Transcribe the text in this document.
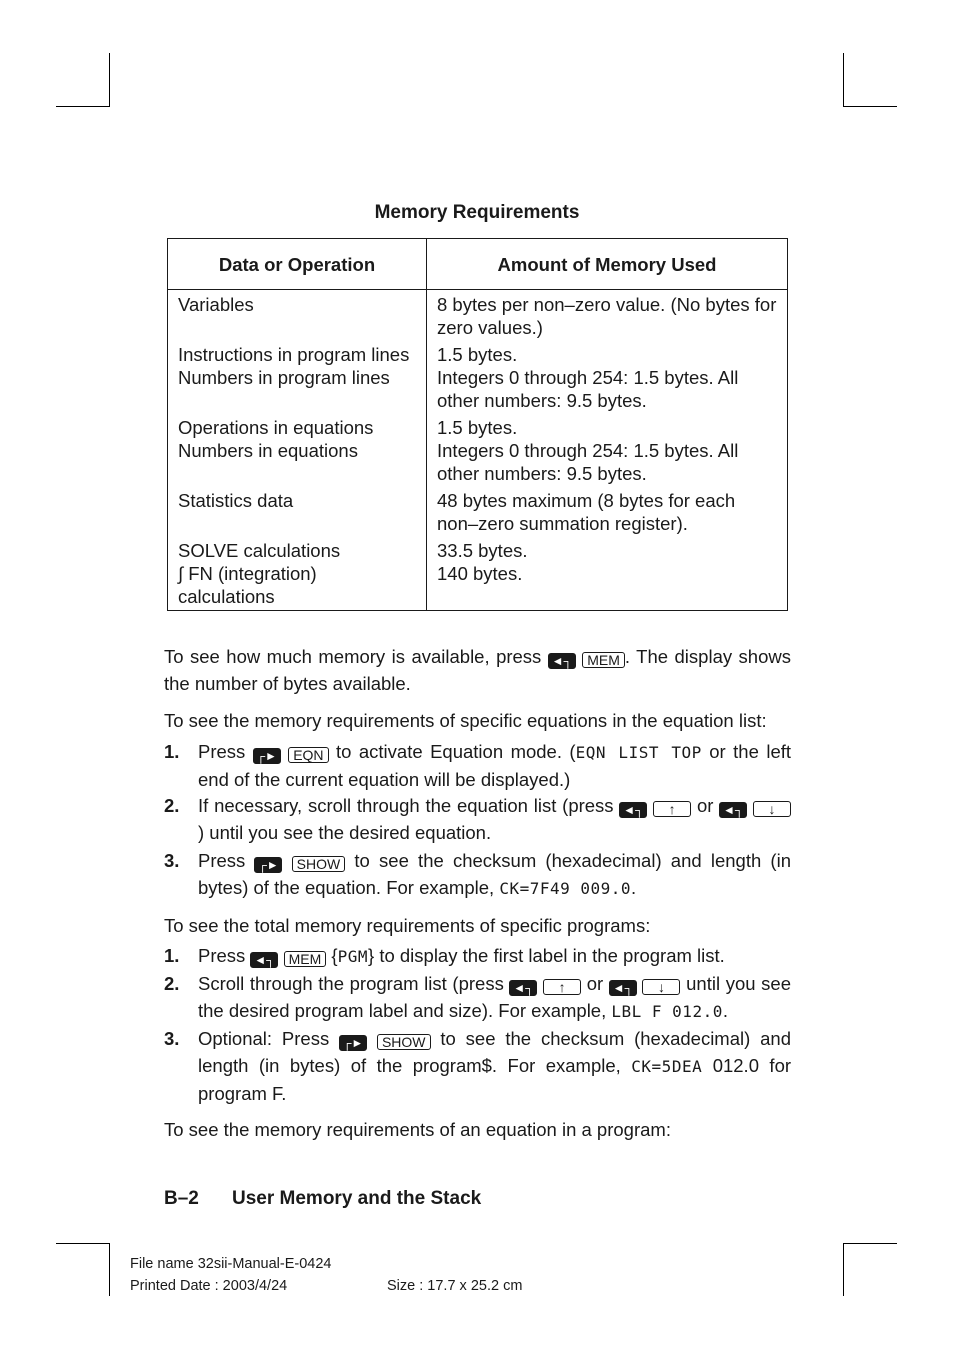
Memory Requirements
Data or Operation	Amount of Memory Used
Variables	8 bytes per non–zero value. (No bytes for zero values.)
Instructions in program lines	1.5 bytes.
Numbers in program lines	Integers 0 through 254: 1.5 bytes. All other numbers: 9.5 bytes.
Operations in equations	1.5 bytes.
Numbers in equations	Integers 0 through 254: 1.5 bytes. All other numbers: 9.5 bytes.
Statistics data	48 bytes maximum (8 bytes for each non–zero summation register).
SOLVE calculations	33.5 bytes.
∫ FN (integration) calculations	140 bytes.
To see how much memory is available, press ◄┐ MEM . The display shows the number of bytes available.
To see the memory requirements of specific equations in the equation list:
1. Press ┌► EQN to activate Equation mode. (EQN LIST TOP or the left end of the current equation will be displayed.)
2. If necessary, scroll through the equation list (press ◄┐ ↑ or ◄┐ ↓ ) until you see the desired equation.
3. Press ┌► SHOW to see the checksum (hexadecimal) and length (in bytes) of the equation. For example, CK=7F49 009.0.
To see the total memory requirements of specific programs:
1. Press ◄┐ MEM {PGM} to display the first label in the program list.
2. Scroll through the program list (press ◄┐ ↑ or ◄┐ ↓ until you see the desired program label and size). For example, LBL F 012.0.
3. Optional: Press ┌► SHOW to see the checksum (hexadecimal) and length (in bytes) of the program$. For example, CK=5DEA 012.0 for program F.
To see the memory requirements of an equation in a program:
B–2 User Memory and the Stack
File name 32sii-Manual-E-0424
Printed Date : 2003/4/24	Size : 17.7 x 25.2 cm
